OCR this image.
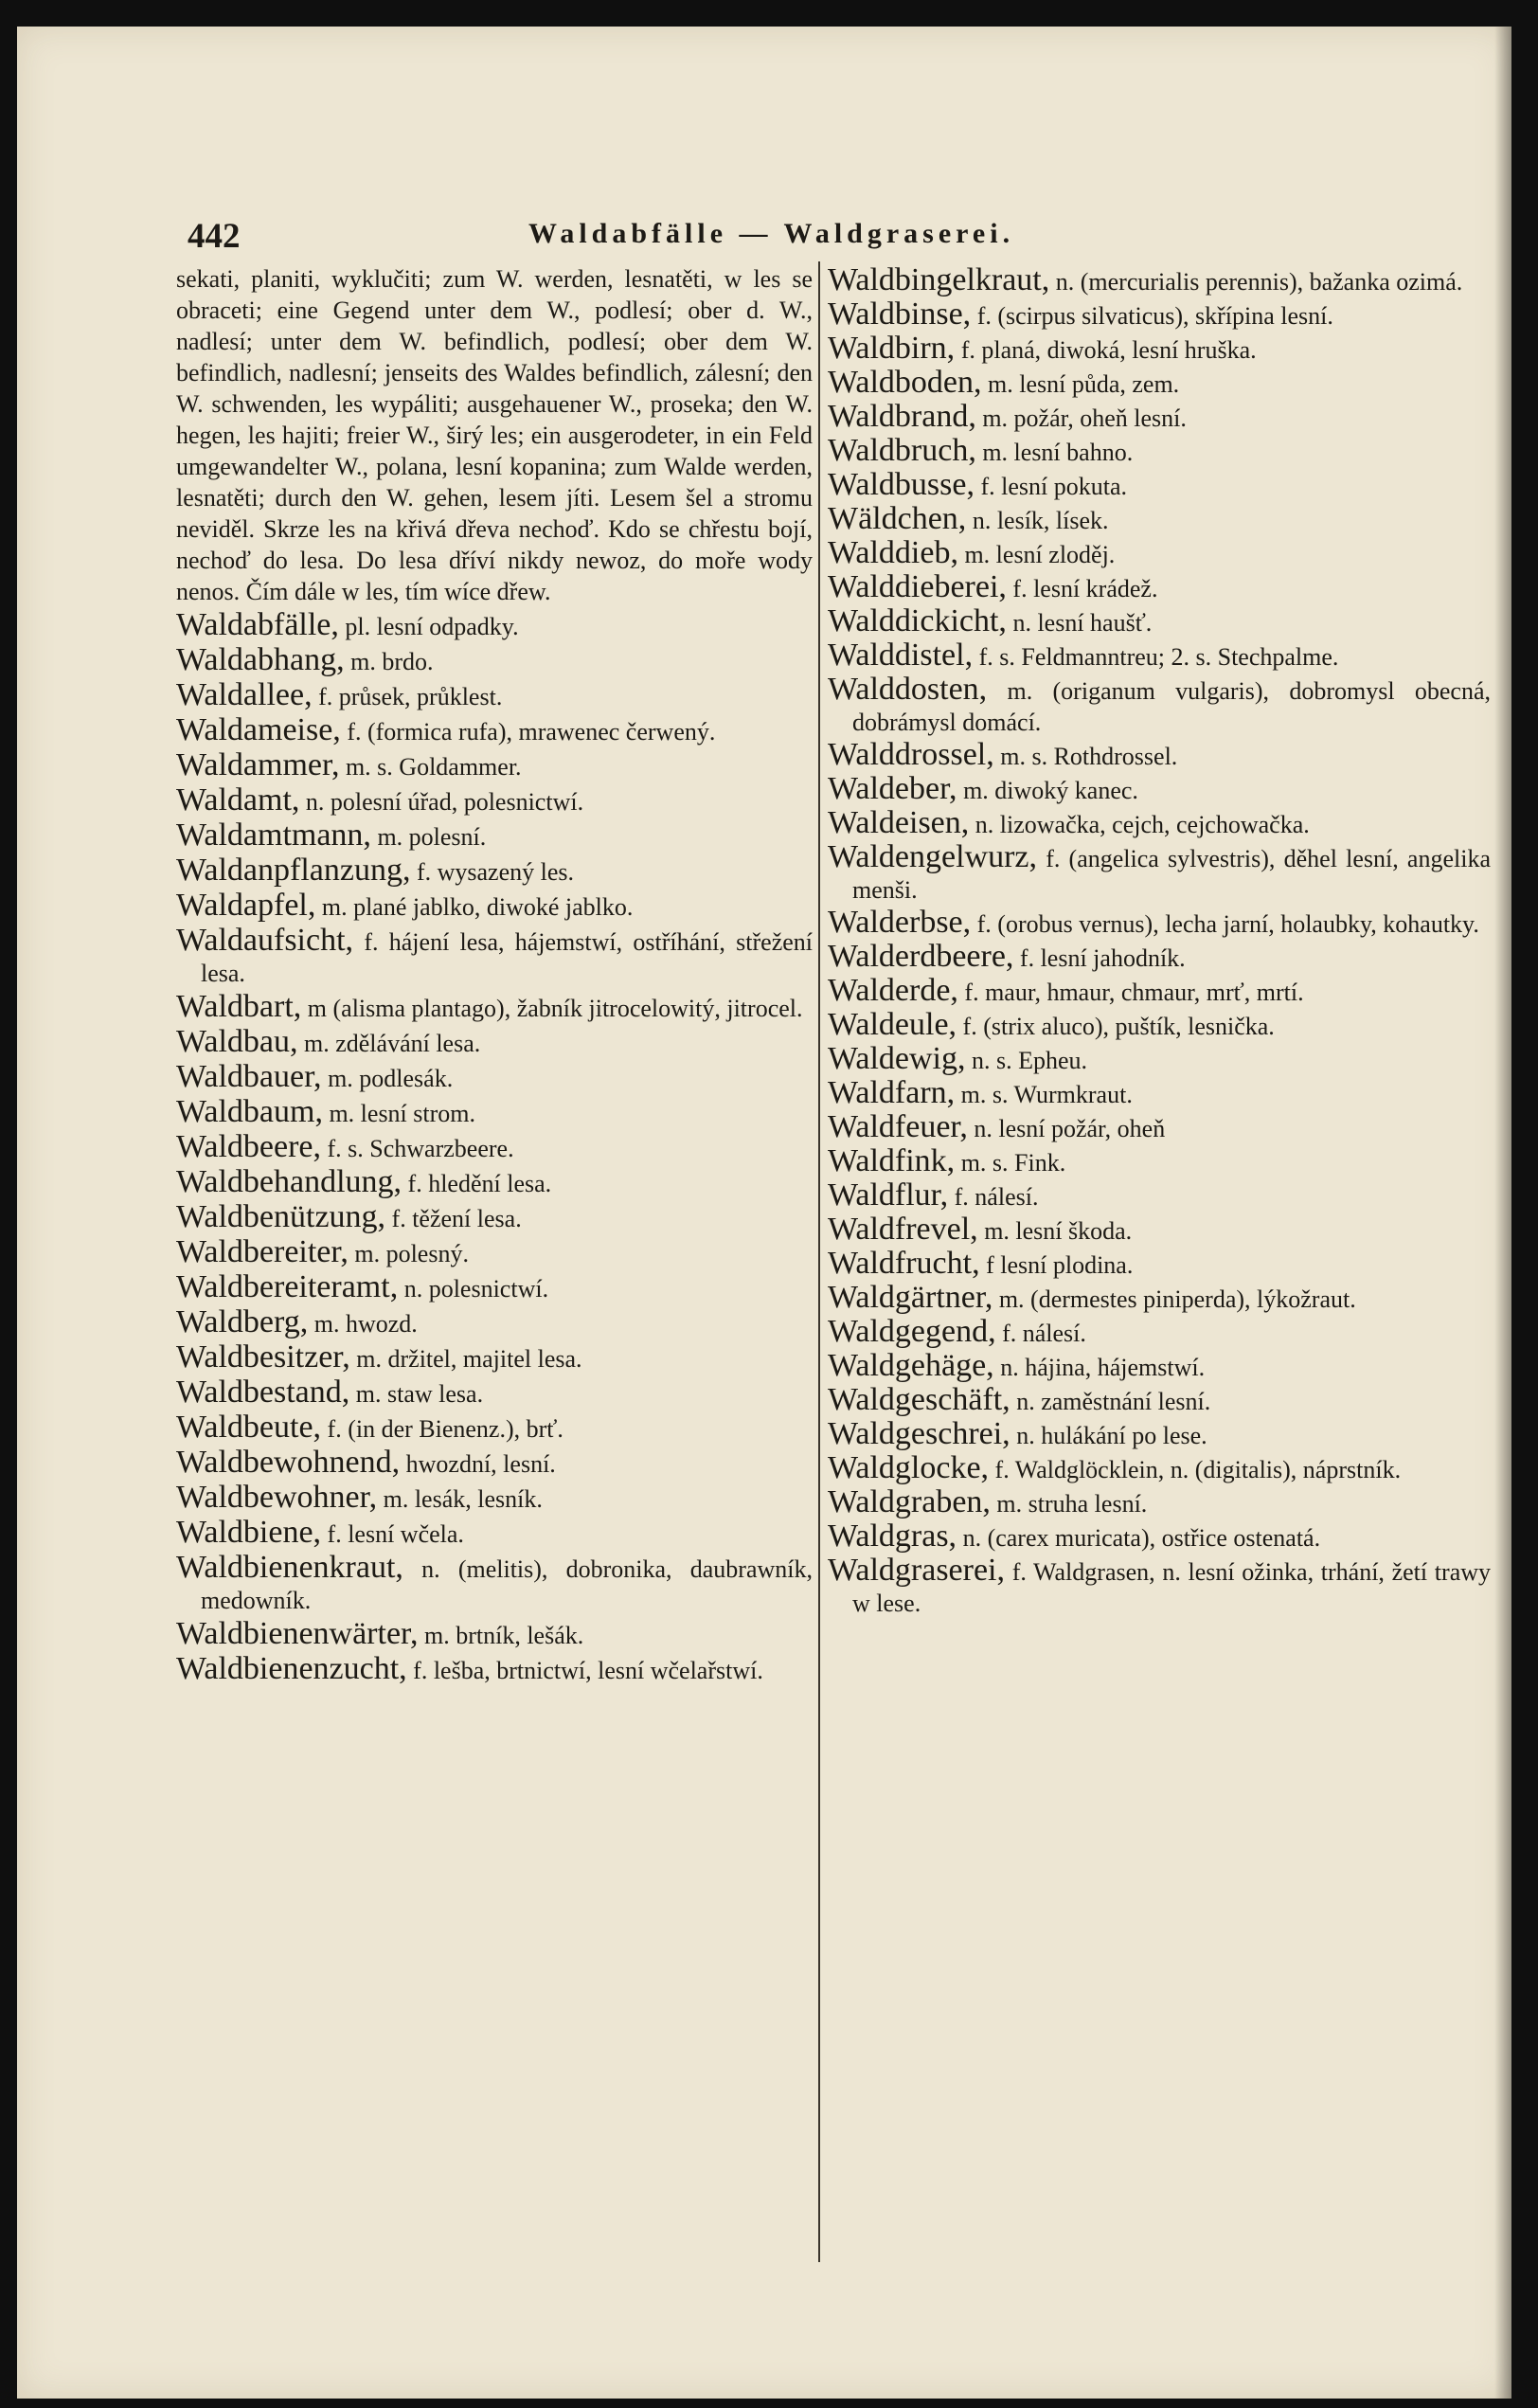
442	Waldabfälle — Waldgraserei.

sekati, planiti, wyklučiti; zum W. werden, lesnatěti, w les se obraceti; eine Gegend unter dem W., podlesí; ober d. W., nadlesí; unter dem W. befindlich, podlesí; ober dem W. befindlich, nadlesní; jenseits des Waldes befindlich, zálesní; den W. schwenden, les wypáliti; ausgehauener W., proseka; den W. hegen, les hajiti; freier W., širý les; ein ausgerodeter, in ein Feld umgewandelter W., polana, lesní kopanina; zum Walde werden, lesnatěti; durch den W. gehen, lesem jíti. Lesem šel a stromu neviděl. Skrze les na křivá dřeva nechoď. Kdo se chřestu bojí, nechoď do lesa. Do lesa dříví nikdy newoz, do moře wody nenos. Čím dále w les, tím wíce dřew.

Waldabfälle, pl. lesní odpadky.

Waldabhang, m. brdo.

Waldallee, f. průsek, průklest.

Waldameise, f. (formica rufa), mrawenec čerwený.

Waldammer, m. s. Goldammer.

Waldamt, n. polesní úřad, polesnictwí.

Waldamtmann, m. polesní.

Waldanpflanzung, f. wysazený les.

Waldapfel, m. plané jablko, diwoké jablko.

Waldaufsicht, f. hájení lesa, hájemstwí, ostříhání, střežení lesa.

Waldbart, m (alisma plantago), žabník jitrocelowitý, jitrocel.

Waldbau, m. zdělávání lesa.

Waldbauer, m. podlesák.

Waldbaum, m. lesní strom.

Waldbeere, f. s. Schwarzbeere.

Waldbehandlung, f. hledění lesa.

Waldbenützung, f. těžení lesa.

Waldbereiter, m. polesný.

Waldbereiteramt, n. polesnictwí.

Waldberg, m. hwozd.

Waldbesitzer, m. držitel, majitel lesa.

Waldbestand, m. staw lesa.

Waldbeute, f. (in der Bienenz.), brť.

Waldbewohnend, hwozdní, lesní.

Waldbewohner, m. lesák, lesník.

Waldbiene, f. lesní wčela.

Waldbienenkraut, n. (melitis), dobronika, daubrawník, medowník.

Waldbienenwärter, m. brtník, lešák.

Waldbienenzucht, f. lešba, brtnictwí, lesní wčelařstwí.

Waldbingelkraut, n. (mercurialis perennis), bažanka ozimá.

Waldbinse, f. (scirpus silvaticus), skřípina lesní.

Waldbirn, f. planá, diwoká, lesní hruška.

Waldboden, m. lesní půda, zem.

Waldbrand, m. požár, oheň lesní.

Waldbruch, m. lesní bahno.

Waldbusse, f. lesní pokuta.

Wäldchen, n. lesík, lísek.

Walddieb, m. lesní zloděj.

Walddieberei, f. lesní krádež.

Walddickicht, n. lesní haušť.

Walddistel, f. s. Feldmanntreu; 2. s. Stechpalme.

Walddosten, m. (origanum vulgaris), dobromysl obecná, dobrámysl domácí.

Walddrossel, m. s. Rothdrossel.

Waldeber, m. diwoký kanec.

Waldeisen, n. lizowačka, cejch, cejchowačka.

Waldengelwurz, f. (angelica sylvestris), děhel lesní, angelika menši.

Walderbse, f. (orobus vernus), lecha jarní, holaubky, kohautky.

Walderdbeere, f. lesní jahodník.

Walderde, f. maur, hmaur, chmaur, mrť, mrtí.

Waldeule, f. (strix aluco), puštík, lesnička.

Waldewig, n. s. Epheu.

Waldfarn, m. s. Wurmkraut.

Waldfeuer, n. lesní požár, oheň

Waldfink, m. s. Fink.

Waldflur, f. nálesí.

Waldfrevel, m. lesní škoda.

Waldfrucht, f lesní plodina.

Waldgärtner, m. (dermestes piniperda), lýkožraut.

Waldgegend, f. nálesí.

Waldgehäge, n. hájina, hájemstwí.

Waldgeschäft, n. zaměstnání lesní.

Waldgeschrei, n. hulákání po lese.

Waldglocke, f. Waldglöcklein, n. (digitalis), náprstník.

Waldgraben, m. struha lesní.

Waldgras, n. (carex muricata), ostřice ostenatá.

Waldgraserei, f. Waldgrasen, n. lesní ožinka, trhání, žetí trawy w lese.
